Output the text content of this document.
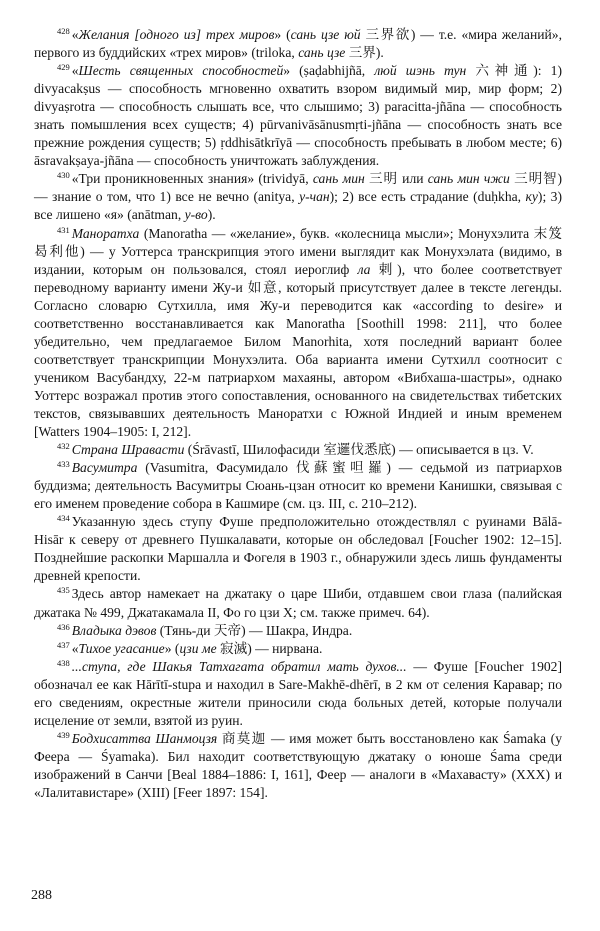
$^{428}$ «Желания [одного из] трех миров» (сань цзе юй 三界欲) — т.е. «мира желаний», первого из буддийских «трех миров» (triloka, сань цзе 三界).

$^{429}$ «Шесть священных способностей» (ṣaḍabhijñā, люй шэнь тун 六神通): 1) divyacakṣus — способность мгновенно охватить взором видимый мир, мир форм; 2) divyaṣrotra — способность слышать все, что слышимо; 3) paracitta-jñāna — способность знать помышления всех существ; 4) pūrvanivāsānusmṛti-jñāna — способность знать все прежние рождения существ; 5) ṛddhisātkrīyā — способность пребывать в любом месте; 6) āsravakṣaya-jñāna — способность уничтожать заблуждения.

$^{430}$ «Три проникновенных знания» (trividyā, сань мин 三明 или сань мин чжи 三明智) — знание о том, что 1) все не вечно (anitya, у-чан); 2) все есть страдание (duḥkha, ку); 3) все лишено «я» (anātman, у-во).

$^{431}$ Маноратха (Manoratha — «желание», букв. «колесница мысли»; Монухэлита 末笈曷利他) — у Уоттерса транскрипция этого имени выглядит как Монухэлата (видимо, в издании, которым он пользовался, стоял иероглиф ла 剌), что более соответствует переводному варианту имени Жу-и 如意, который присутствует далее в тексте легенды. Согласно словарю Сутхилла, имя Жу-и переводится как «according to desire» и соответственно восстанавливается как Manoratha [Soothill 1998: 211], что более убедительно, чем предлагаемое Билом Manorhita, хотя последний вариант более соответствует транскрипции Монухэлита. Оба варианта имени Сутхилл соотносит с учеником Васубандху, 22-м патриархом махаяны, автором «Вибхаша-шастры», однако Уоттерс возражал против этого сопоставления, основанного на свидетельствах тибетских текстов, связывавших деятельность Маноратхи с Южной Индией и иным временем [Watters 1904–1905: I, 212].

$^{432}$ Страна Шравасти (Śrāvastī, Шилофасиди 室邏伐悉底) — описывается в цз. V.

$^{433}$ Васумитра (Vasumitra, Фасумидало 伐蘇蜜呾羅) — седьмой из патриархов буддизма; деятельность Васумитры Сюань-цзан относит ко времени Канишки, связывая с его именем проведение собора в Кашмире (см. цз. III, с. 210–212).

$^{434}$ Указанную здесь ступу Фуше предположительно отождествлял с руинами Bālā-Hisār к северу от древнего Пушкалавати, которые он обследовал [Foucher 1902: 12–15]. Позднейшие раскопки Маршалла и Фогеля в 1903 г., обнаружили здесь лишь фундаменты древней крепости.

$^{435}$ Здесь автор намекает на джатаку о царе Шиби, отдавшем свои глаза (палийская джатака № 499, Джатакамала II, Фо го цзи X; см. также примеч. 64).

$^{436}$ Владыка дэвов (Тянь-ди 天帝) — Шакра, Индра.

$^{437}$ «Тихое угасание» (цзи ме 寂滅) — нирвана.

$^{438}$ ...ступа, где Шакья Татхагата обратил мать духов... — Фуше [Foucher 1902] обозначал ее как Hārītī-stupa и находил в Sare-Makhē-dhērī, в 2 км от селения Каравар; по его сведениям, окрестные жители приносили сюда больных детей, которые получали исцеление от земли, взятой из руин.

$^{439}$ Бодхисаттва Шанмоцзя 商莫迦 — имя может быть восстановлено как Śamaka (у Феера — Śyamaka). Бил находит соответствующую джатаку о юноше Śama среди изображений в Санчи [Beal 1884–1886: I, 161], Феер — аналоги в «Махавасту» (XXX) и «Лалитавистаре» (XIII) [Feer 1897: 154].

288
